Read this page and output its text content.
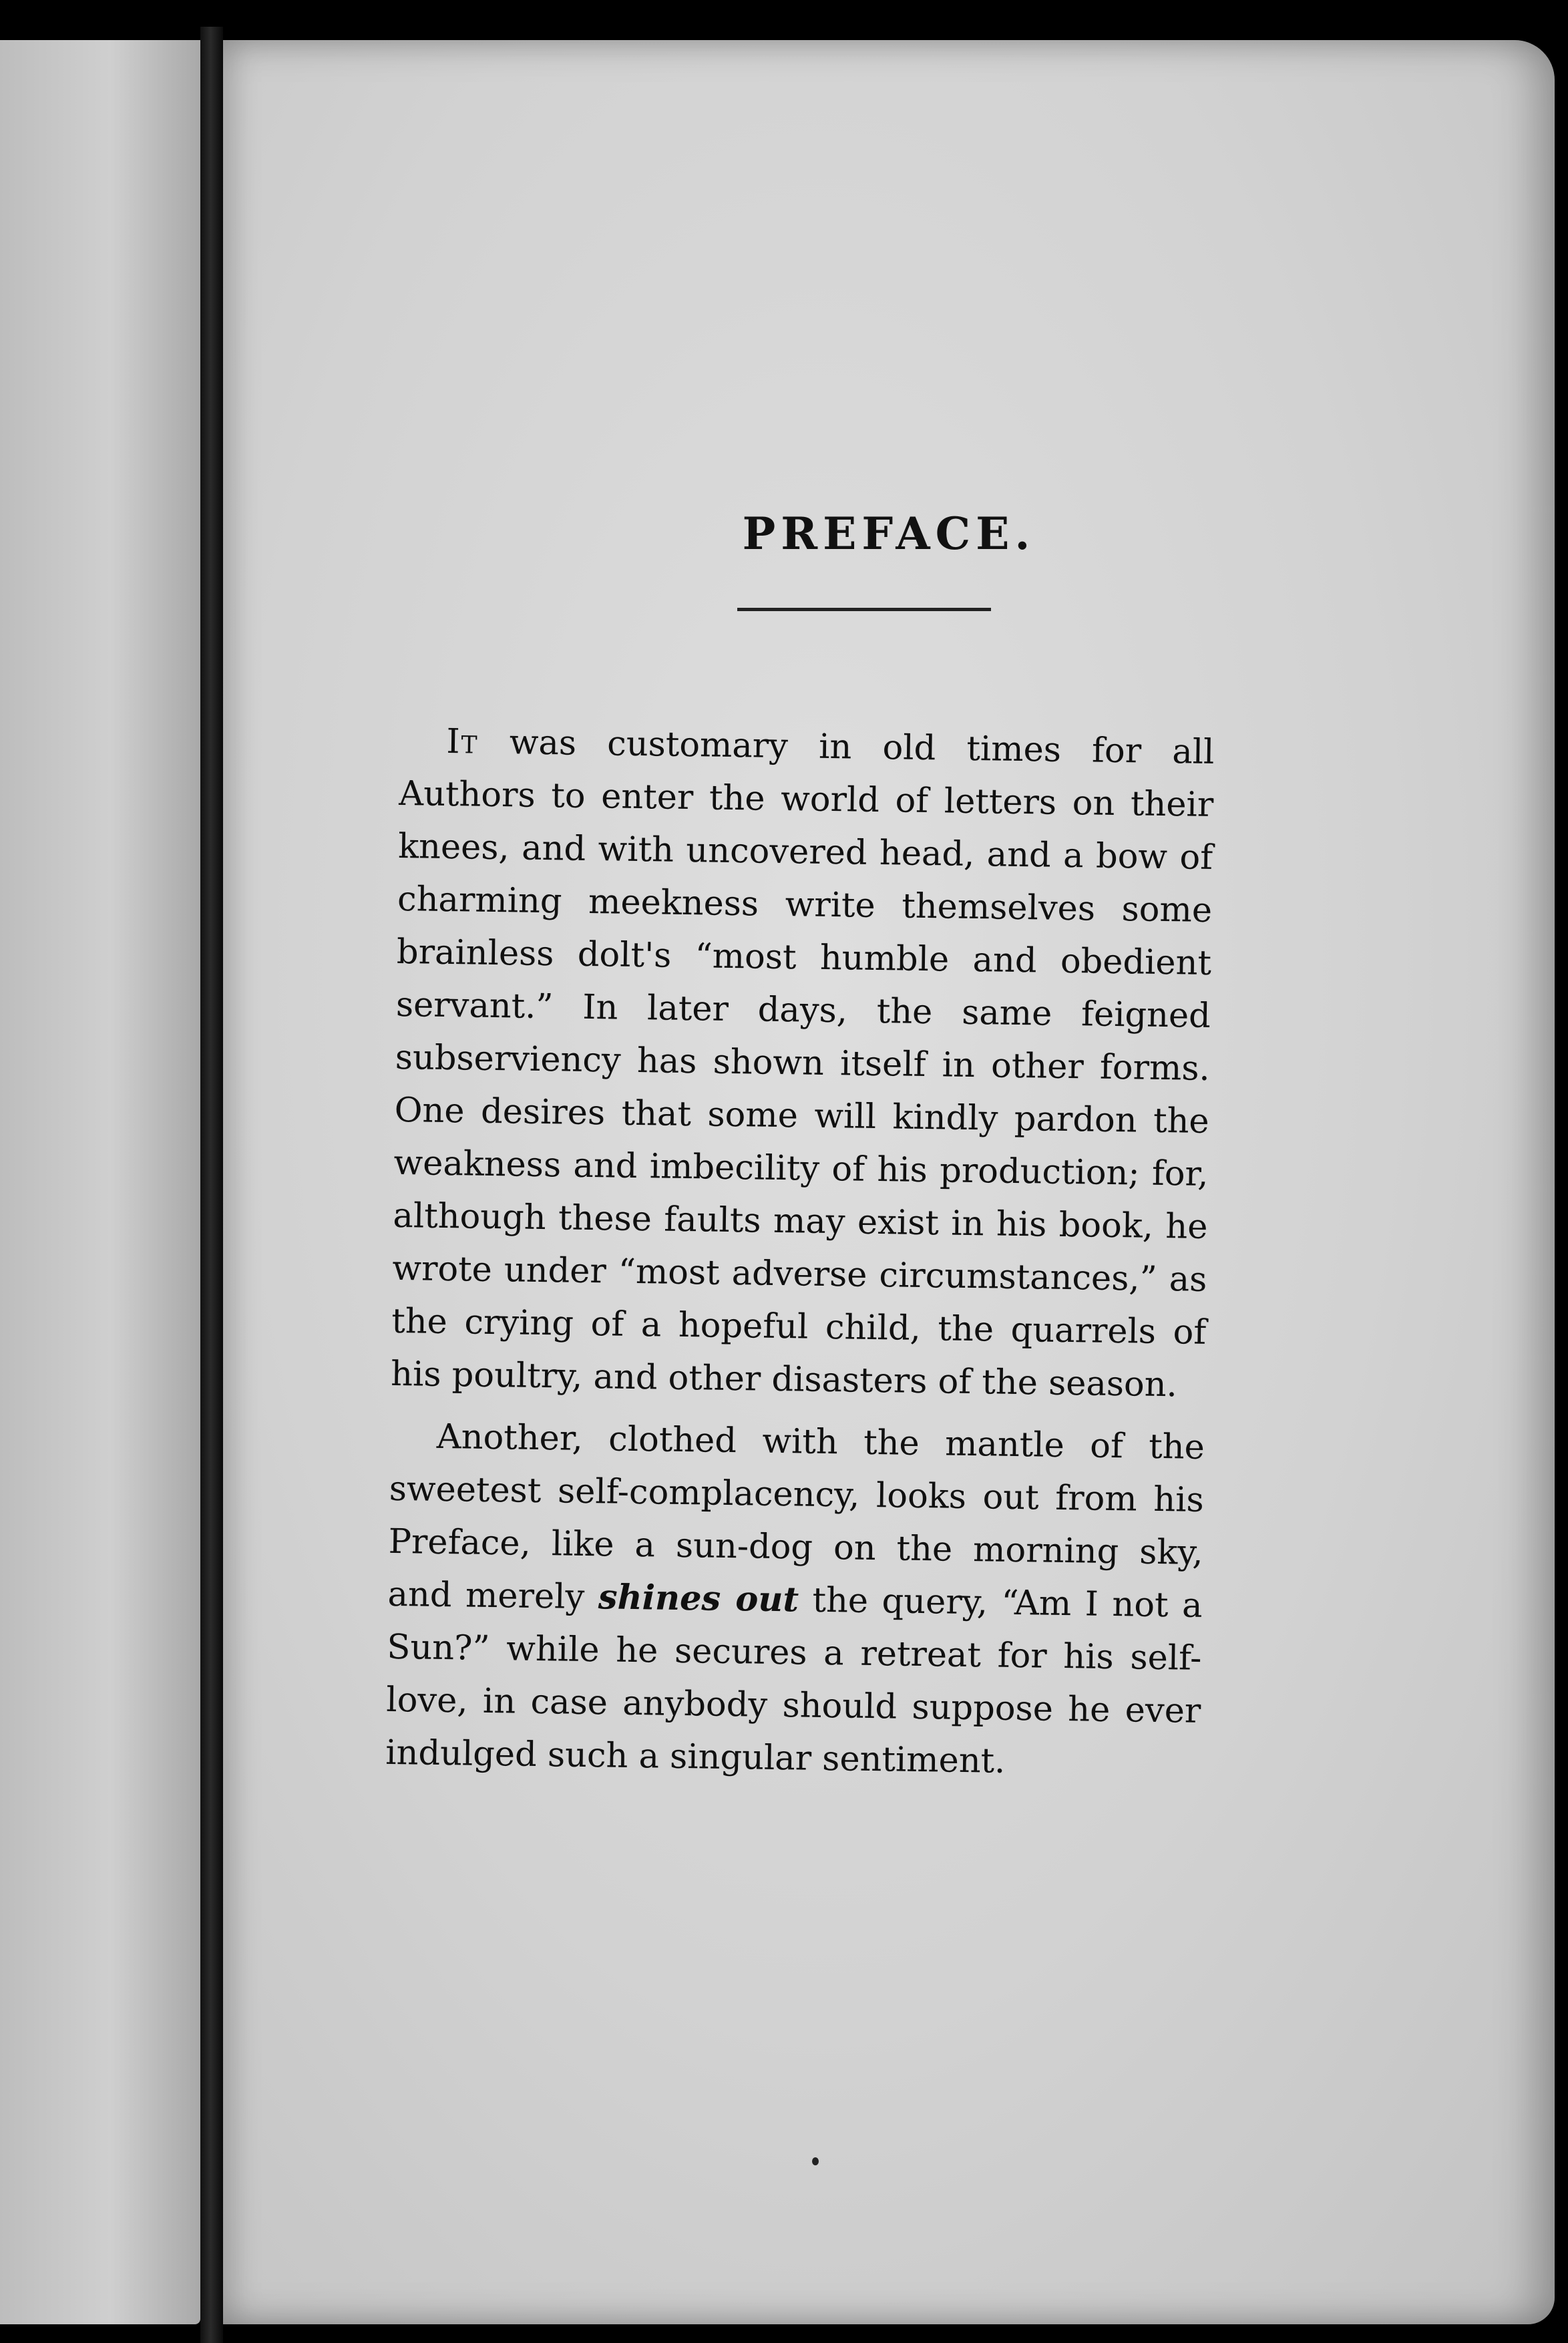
PREFACE.

It was customary in old times for all Authors to enter the world of letters on their knees, and with uncovered head, and a bow of charming meekness write themselves some brainless dolt's “most humble and obedient servant.” In later days, the same feigned subserviency has shown itself in other forms. One desires that some will kindly pardon the weakness and imbecility of his production; for, although these faults may exist in his book, he wrote under “most adverse circumstances,” as the crying of a hopeful child, the quarrels of his poultry, and other disasters of the season.

Another, clothed with the mantle of the sweetest self-complacency, looks out from his Preface, like a sun-dog on the morning sky, and merely shines out the query, “Am I not a Sun?” while he secures a retreat for his self-love, in case anybody should suppose he ever indulged such a singular sentiment.
